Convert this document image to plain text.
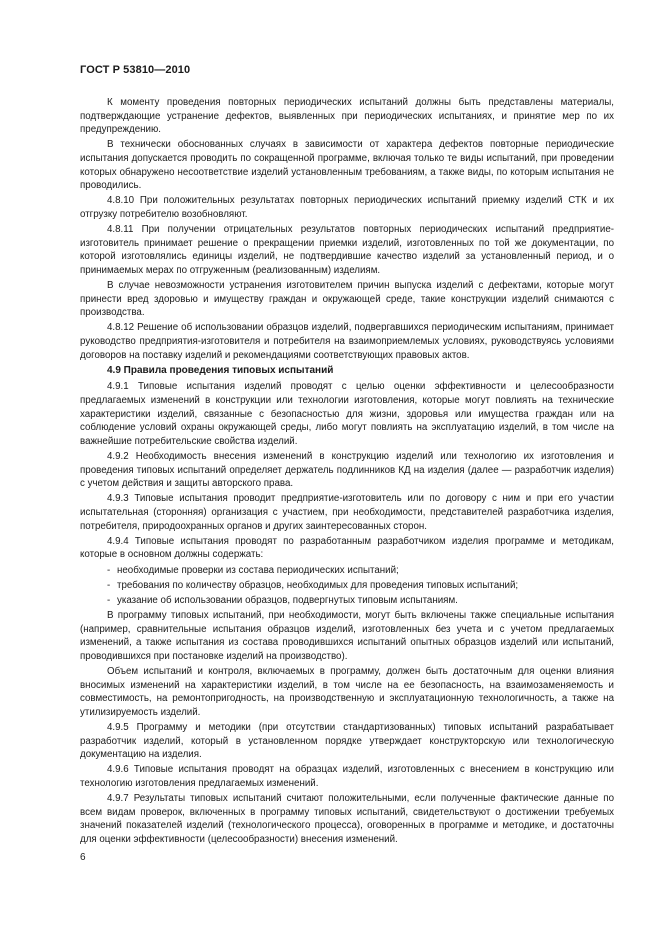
ГОСТ Р 53810—2010
К моменту проведения повторных периодических испытаний должны быть представлены материалы, подтверждающие устранение дефектов, выявленных при периодических испытаниях, и принятие мер по их предупреждению.
В технически обоснованных случаях в зависимости от характера дефектов повторные периодические испытания допускается проводить по сокращенной программе, включая только те виды испытаний, при проведении которых обнаружено несоответствие изделий установленным требованиям, а также виды, по которым испытания не проводились.
4.8.10 При положительных результатах повторных периодических испытаний приемку изделий СТК и их отгрузку потребителю возобновляют.
4.8.11 При получении отрицательных результатов повторных периодических испытаний предприятие-изготовитель принимает решение о прекращении приемки изделий, изготовленных по той же документации, по которой изготовлялись единицы изделий, не подтвердившие качество изделий за установленный период, и о принимаемых мерах по отгруженным (реализованным) изделиям.
В случае невозможности устранения изготовителем причин выпуска изделий с дефектами, которые могут принести вред здоровью и имуществу граждан и окружающей среде, такие конструкции изделий снимаются с производства.
4.8.12 Решение об использовании образцов изделий, подвергавшихся периодическим испытаниям, принимает руководство предприятия-изготовителя и потребителя на взаимоприемлемых условиях, руководствуясь условиями договоров на поставку изделий и рекомендациями соответствующих правовых актов.
4.9 Правила проведения типовых испытаний
4.9.1 Типовые испытания изделий проводят с целью оценки эффективности и целесообразности предлагаемых изменений в конструкции или технологии изготовления, которые могут повлиять на технические характеристики изделий, связанные с безопасностью для жизни, здоровья или имущества граждан или на соблюдение условий охраны окружающей среды, либо могут повлиять на эксплуатацию изделий, в том числе на важнейшие потребительские свойства изделий.
4.9.2 Необходимость внесения изменений в конструкцию изделий или технологию их изготовления и проведения типовых испытаний определяет держатель подлинников КД на изделия (далее — разработчик изделия) с учетом действия и защиты авторского права.
4.9.3 Типовые испытания проводит предприятие-изготовитель или по договору с ним и при его участии испытательная (сторонняя) организация с участием, при необходимости, представителей разработчика изделия, потребителя, природоохранных органов и других заинтересованных сторон.
4.9.4 Типовые испытания проводят по разработанным разработчиком изделия программе и методикам, которые в основном должны содержать:
- необходимые проверки из состава периодических испытаний;
- требования по количеству образцов, необходимых для проведения типовых испытаний;
- указание об использовании образцов, подвергнутых типовым испытаниям.
В программу типовых испытаний, при необходимости, могут быть включены также специальные испытания (например, сравнительные испытания образцов изделий, изготовленных без учета и с учетом предлагаемых изменений, а также испытания из состава проводившихся испытаний опытных образцов изделий или испытаний, проводившихся при постановке изделий на производство).
Объем испытаний и контроля, включаемых в программу, должен быть достаточным для оценки влияния вносимых изменений на характеристики изделий, в том числе на ее безопасность, на взаимозаменяемость и совместимость, на ремонтопригодность, на производственную и эксплуатационную технологичность, а также на утилизируемость изделий.
4.9.5 Программу и методики (при отсутствии стандартизованных) типовых испытаний разрабатывает разработчик изделий, который в установленном порядке утверждает конструкторскую или технологическую документацию на изделия.
4.9.6 Типовые испытания проводят на образцах изделий, изготовленных с внесением в конструкцию или технологию изготовления предлагаемых изменений.
4.9.7 Результаты типовых испытаний считают положительными, если полученные фактические данные по всем видам проверок, включенных в программу типовых испытаний, свидетельствуют о достижении требуемых значений показателей изделий (технологического процесса), оговоренных в программе и методике, и достаточны для оценки эффективности (целесообразности) внесения изменений.
6
